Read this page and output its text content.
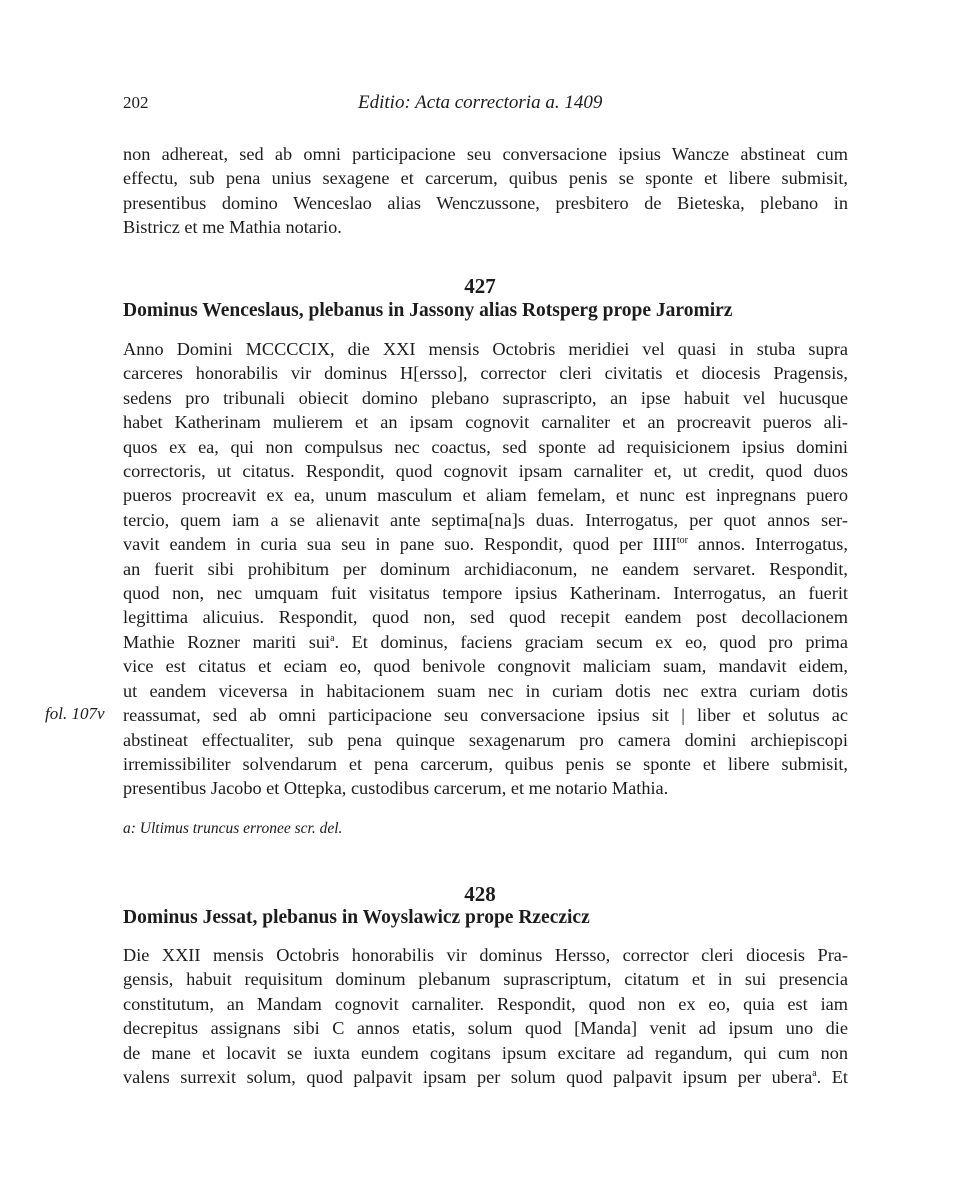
202	Editio: Acta correctoria a. 1409
non adhereat, sed ab omni participacione seu conversacione ipsius Wancze abstineat cum
effectu, sub pena unius sexagene et carcerum, quibus penis se sponte et libere submisit,
presentibus domino Wenceslao alias Wenczussone, presbitero de Bieteska, plebano in
Bistricz et me Mathia notario.
427
Dominus Wenceslaus, plebanus in Jassony alias Rotsperg prope Jaromirz
Anno Domini MCCCCIX, die XXI mensis Octobris meridiei vel quasi in stuba supra
carceres honorabilis vir dominus H[ersso], corrector cleri civitatis et diocesis Pragensis,
sedens pro tribunali obiecit domino plebano suprascripto, an ipse habuit vel hucusque
habet Katherinam mulierem et an ipsam cognovit carnaliter et an procreavit pueros ali-
quos ex ea, qui non compulsus nec coactus, sed sponte ad requisicionem ipsius domini
correctoris, ut citatus. Respondit, quod cognovit ipsam carnaliter et, ut credit, quod duos
pueros procreavit ex ea, unum masculum et aliam femelam, et nunc est inpregnans puero
tercio, quem iam a se alienavit ante septima[na]s duas. Interrogatus, per quot annos ser-
vavit eandem in curia sua seu in pane suo. Respondit, quod per $IIII^{tor}$ annos. Interrogatus,
an fuerit sibi prohibitum per dominum archidiaconum, ne eandem servaret. Respondit,
quod non, nec umquam fuit visitatus tempore ipsius Katherinam. Interrogatus, an fuerit
legittima alicuius. Respondit, quod non, sed quod recepit eandem post decollacionem
Mathie Rozner mariti sui$^a$. Et dominus, faciens graciam secum ex eo, quod pro prima
vice est citatus et eciam eo, quod benivole congnovit maliciam suam, mandavit eidem,
ut eandem viceversa in habitacionem suam nec in curiam dotis nec extra curiam dotis
reassumat, sed ab omni participacione seu conversacione ipsius sit | liber et solutus ac
abstineat effectualiter, sub pena quinque sexagenarum pro camera domini archiepiscopi
irremissibiliter solvendarum et pena carcerum, quibus penis se sponte et libere submisit,
presentibus Jacobo et Ottepka, custodibus carcerum, et me notario Mathia.
fol. 107v
a: Ultimus truncus erronee scr. del.
428
Dominus Jessat, plebanus in Woyslawicz prope Rzeczicz
Die XXII mensis Octobris honorabilis vir dominus Hersso, corrector cleri diocesis Pra-
gensis, habuit requisitum dominum plebanum suprascriptum, citatum et in sui presencia
constitutum, an Mandam cognovit carnaliter. Respondit, quod non ex eo, quia est iam
decrepitus assignans sibi C annos etatis, solum quod [Manda] venit ad ipsum uno die
de mane et locavit se iuxta eundem cogitans ipsum excitare ad regandum, qui cum non
valens surrexit solum, quod palpavit ipsam per solum quod palpavit ipsum per ubera$^a$. Et
